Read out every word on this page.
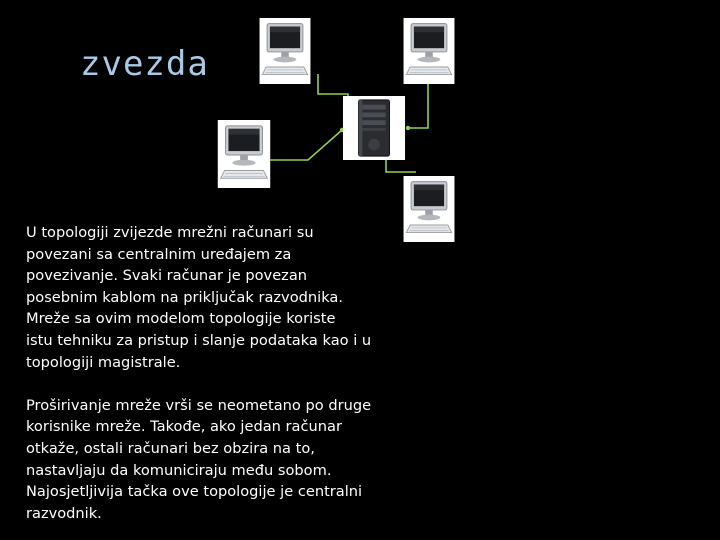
zvezda

U topologiji zvijezde mrežni računari su
povezani sa centralnim uređajem za
povezivanje. Svaki računar je povezan
posebnim kablom na priključak razvodnika.
Mreže sa ovim modelom topologije koriste
istu tehniku za pristup i slanje podataka kao i u
topologiji magistrale.

Proširivanje mreže vrši se neometano po druge
korisnike mreže. Takođe, ako jedan računar
otkaže, ostali računari bez obzira na to,
nastavljaju da komuniciraju među sobom.
Najosjetljivija tačka ove topologije je centralni
razvodnik.
